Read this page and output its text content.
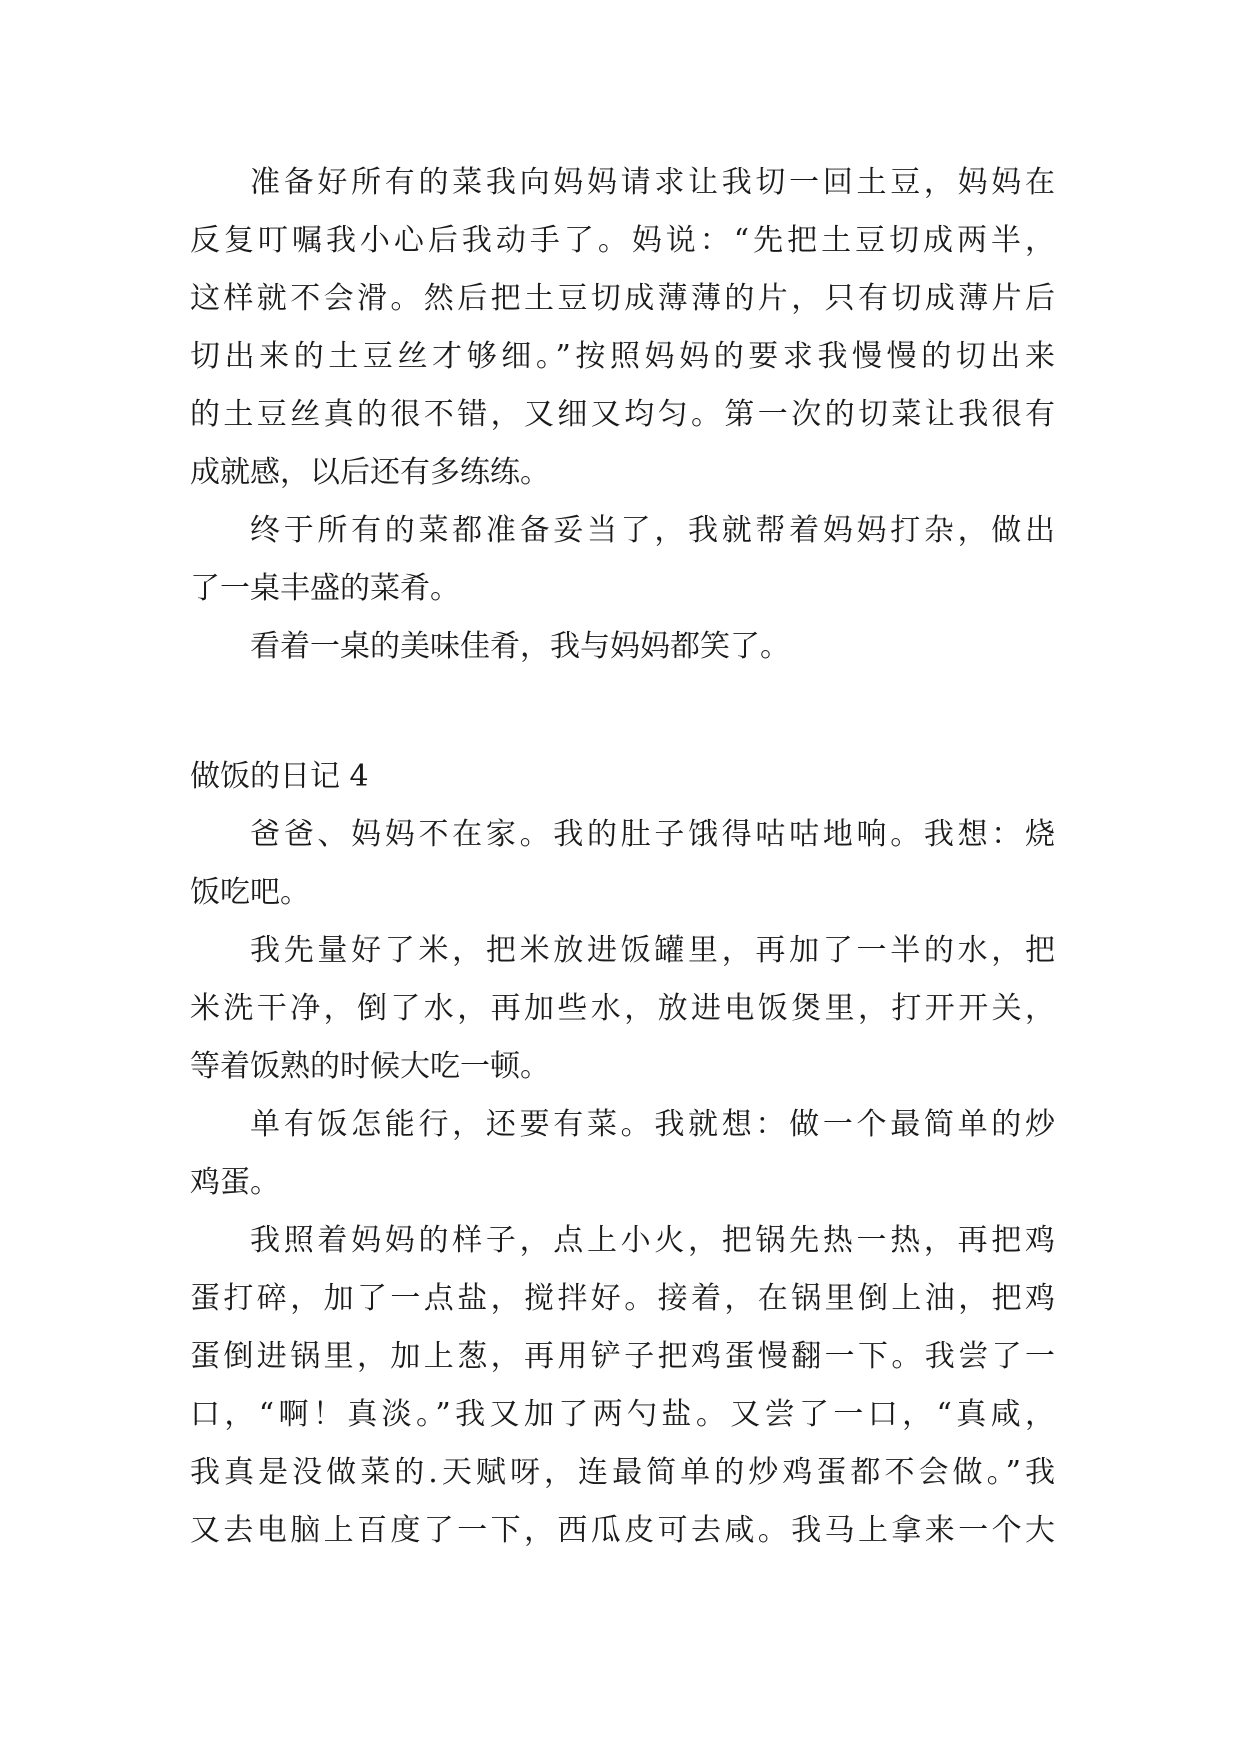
准备好所有的菜我向妈妈请求让我切一回土豆，妈妈在
反复叮嘱我小心后我动手了。妈说：“先把土豆切成两半，
这样就不会滑。然后把土豆切成薄薄的片，只有切成薄片后
切出来的土豆丝才够细。”按照妈妈的要求我慢慢的切出来
的土豆丝真的很不错，又细又均匀。第一次的切菜让我很有
成就感，以后还有多练练。
终于所有的菜都准备妥当了，我就帮着妈妈打杂，做出
了一桌丰盛的菜肴。
看着一桌的美味佳肴，我与妈妈都笑了。
做饭的日记 4
爸爸、妈妈不在家。我的肚子饿得咕咕地响。我想：烧
饭吃吧。
我先量好了米，把米放进饭罐里，再加了一半的水，把
米洗干净，倒了水，再加些水，放进电饭煲里，打开开关，
等着饭熟的时候大吃一顿。
单有饭怎能行，还要有菜。我就想：做一个最简单的炒
鸡蛋。
我照着妈妈的样子，点上小火，把锅先热一热，再把鸡
蛋打碎，加了一点盐，搅拌好。接着，在锅里倒上油，把鸡
蛋倒进锅里，加上葱，再用铲子把鸡蛋慢翻一下。我尝了一
口，“啊！真淡。”我又加了两勺盐。又尝了一口，“真咸，
我真是没做菜的.天赋呀，连最简单的炒鸡蛋都不会做。”我
又去电脑上百度了一下，西瓜皮可去咸。我马上拿来一个大
